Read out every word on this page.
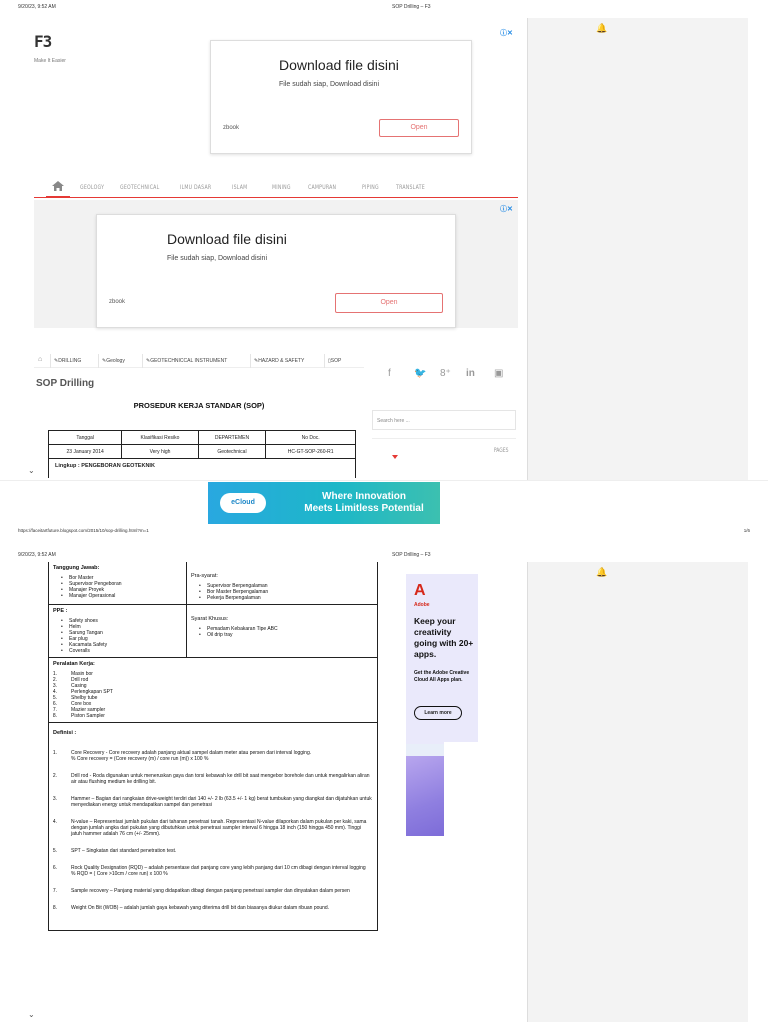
9/20/23, 9:52 AM	SOP Drilling – F3
F3
Make It Easier
ⓘ✕
Download file disini
File sudah siap, Download disini
zbook	Open
GEOLOGY GEOTECHNICAL	ILMU DASAR	ISLAM	MINING	CAMPURAN	PIPING	TRANSLATE
ⓘ✕
Download file disini
File sudah siap, Download disini
zbook	Open
⌂ ✎DRILLING	✎Geology	✎GEOTECHNICCAL INSTRUMENT	✎HAZARD & SAFETY	▯SOP
SOP Drilling
PROSEDUR KERJA STANDAR (SOP)
Tanggal	Klasifikasi Resiko	DEPARTEMEN	No Doc.
23 January 2014	Very high	Geotechnical	HC-GT-SOP-260-R1
Lingkup : PENGEBORAN GEOTEKNIK
f 🐦 8⁺ in ▣
Search here ...
PAGES
⌄
🔔
eCloud
Where Innovation
Meets Limitless Potential
https://faceitartfuture.blogspot.com/2015/10/sop-drilling.html?m=1	1/6
9/20/23, 9:52 AM	SOP Drilling – F3
Tanggung Jawab:
• Bor Master
• Supervisor Pengeboran
• Manajer Proyek
• Manajer Operasional
Pra-syarat:
• Supervisor Berpengalaman
• Bor Master Berpengalaman
• Pekerja Berpengalaman
PPE :
• Safety shoes
• Helm
• Sarung Tangan
• Ear plug
• Kacamata Safety
• Coveralls
Syarat Khusus:
• Pemadam Kebakaran Tipe ABC
• Oil drip tray
Peralatan Kerja:
1.	Masin bor
2.	Drill rod
3.	Casing
4.	Perlengkapan SPT
5.	Shelby tube
6.	Core box
7.	Mazier sampler
8.	Piston Sampler
Definisi :

1.	Core Recovery - Core recovery adalah panjang aktual sampel dalam meter atau persen dari interval logging.
% Core recovery = (Core recovery (m) / core run (m)) x 100 %

2.	Drill rod - Roda digunakan untuk meneruskan gaya dan torsi kebawah ke drill bit saat mengebor borehole dan untuk mengalirkan aliran air atau flushing medium ke drilling bit.

3.	Hammer – Bagian dari rangkaian drive-weight terdiri dari 140 +/- 2 lb (63.5 +/- 1 kg) berat tumbukan yang diangkat dan dijatuhkan untuk menyediakan energy untuk mendapatkan sampel dan penetrasi

4.	N-value – Representasi jumlah pukulan dari tahanan penetrasi tanah. Representasi N-value dilaporkan dalam pukulan per kaki, sama dengan jumlah angka dari pukulan yang dibutuhkan untuk penetrasi sampler interval 6 hingga 18 inch (150 hingga 450 mm). Tinggi jatuh hammer adalah 76 cm (+/- 25mm).

5.	SPT – Singkatan dari standard penetration test.

6.	Rock Quality Designation (RQD) – adalah persentase dari panjang core yang lebih panjang dari 10 cm dibagi dengan interval logging
% RQD = ( Core >10cm / core run) x 100 %

7.	Sample recovery – Panjang material yang didapatkan dibagi dengan panjang penetrasi sampler dan dinyatakan dalam persen

8.	Weight On Bit (WOB) – adalah jumlah gaya kebawah yang diterima drill bit dan biasanya diukur dalam ribuan pound.

A
Adobe
Keep your creativity going with 20+ apps.
Get the Adobe Creative Cloud All Apps plan.
Learn more
⌄
🔔
